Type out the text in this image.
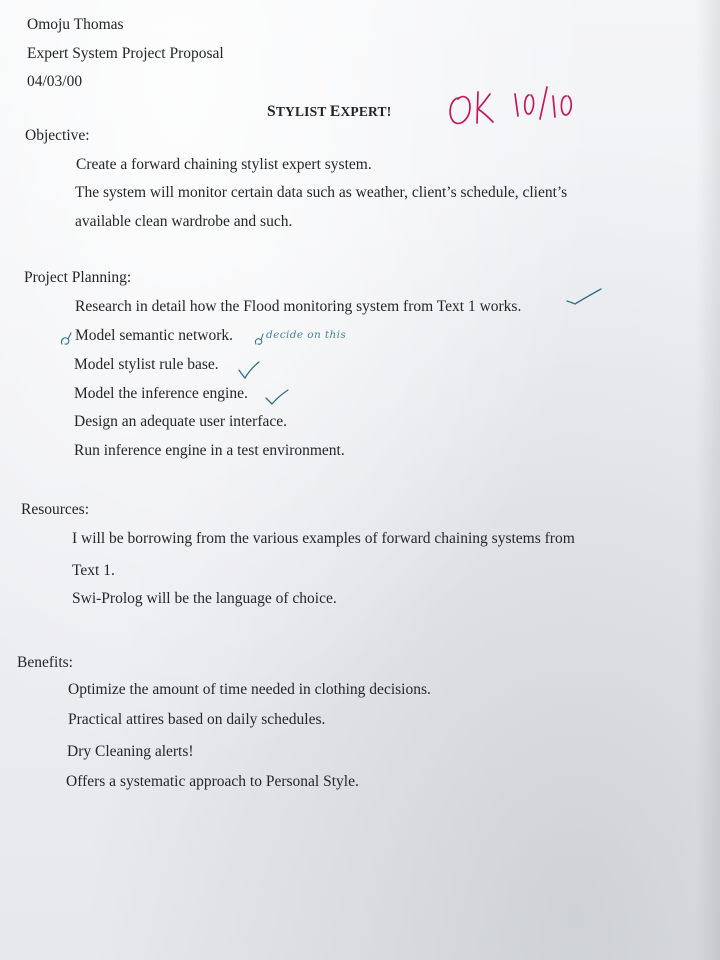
Omoju Thomas
Expert System Project Proposal
04/03/00
STYLIST EXPERT!
Objective:
Create a forward chaining stylist expert system.
The system will monitor certain data such as weather, client’s schedule, client’s
available clean wardrobe and such.
Project Planning:
Research in detail how the Flood monitoring system from Text 1 works.
Model semantic network.
Model stylist rule base.
Model the inference engine.
Design an adequate user interface.
Run inference engine in a test environment.
decide on this
Resources:
I will be borrowing from the various examples of forward chaining systems from
Text 1.
Swi-Prolog will be the language of choice.
Benefits:
Optimize the amount of time needed in clothing decisions.
Practical attires based on daily schedules.
Dry Cleaning alerts!
Offers a systematic approach to Personal Style.
